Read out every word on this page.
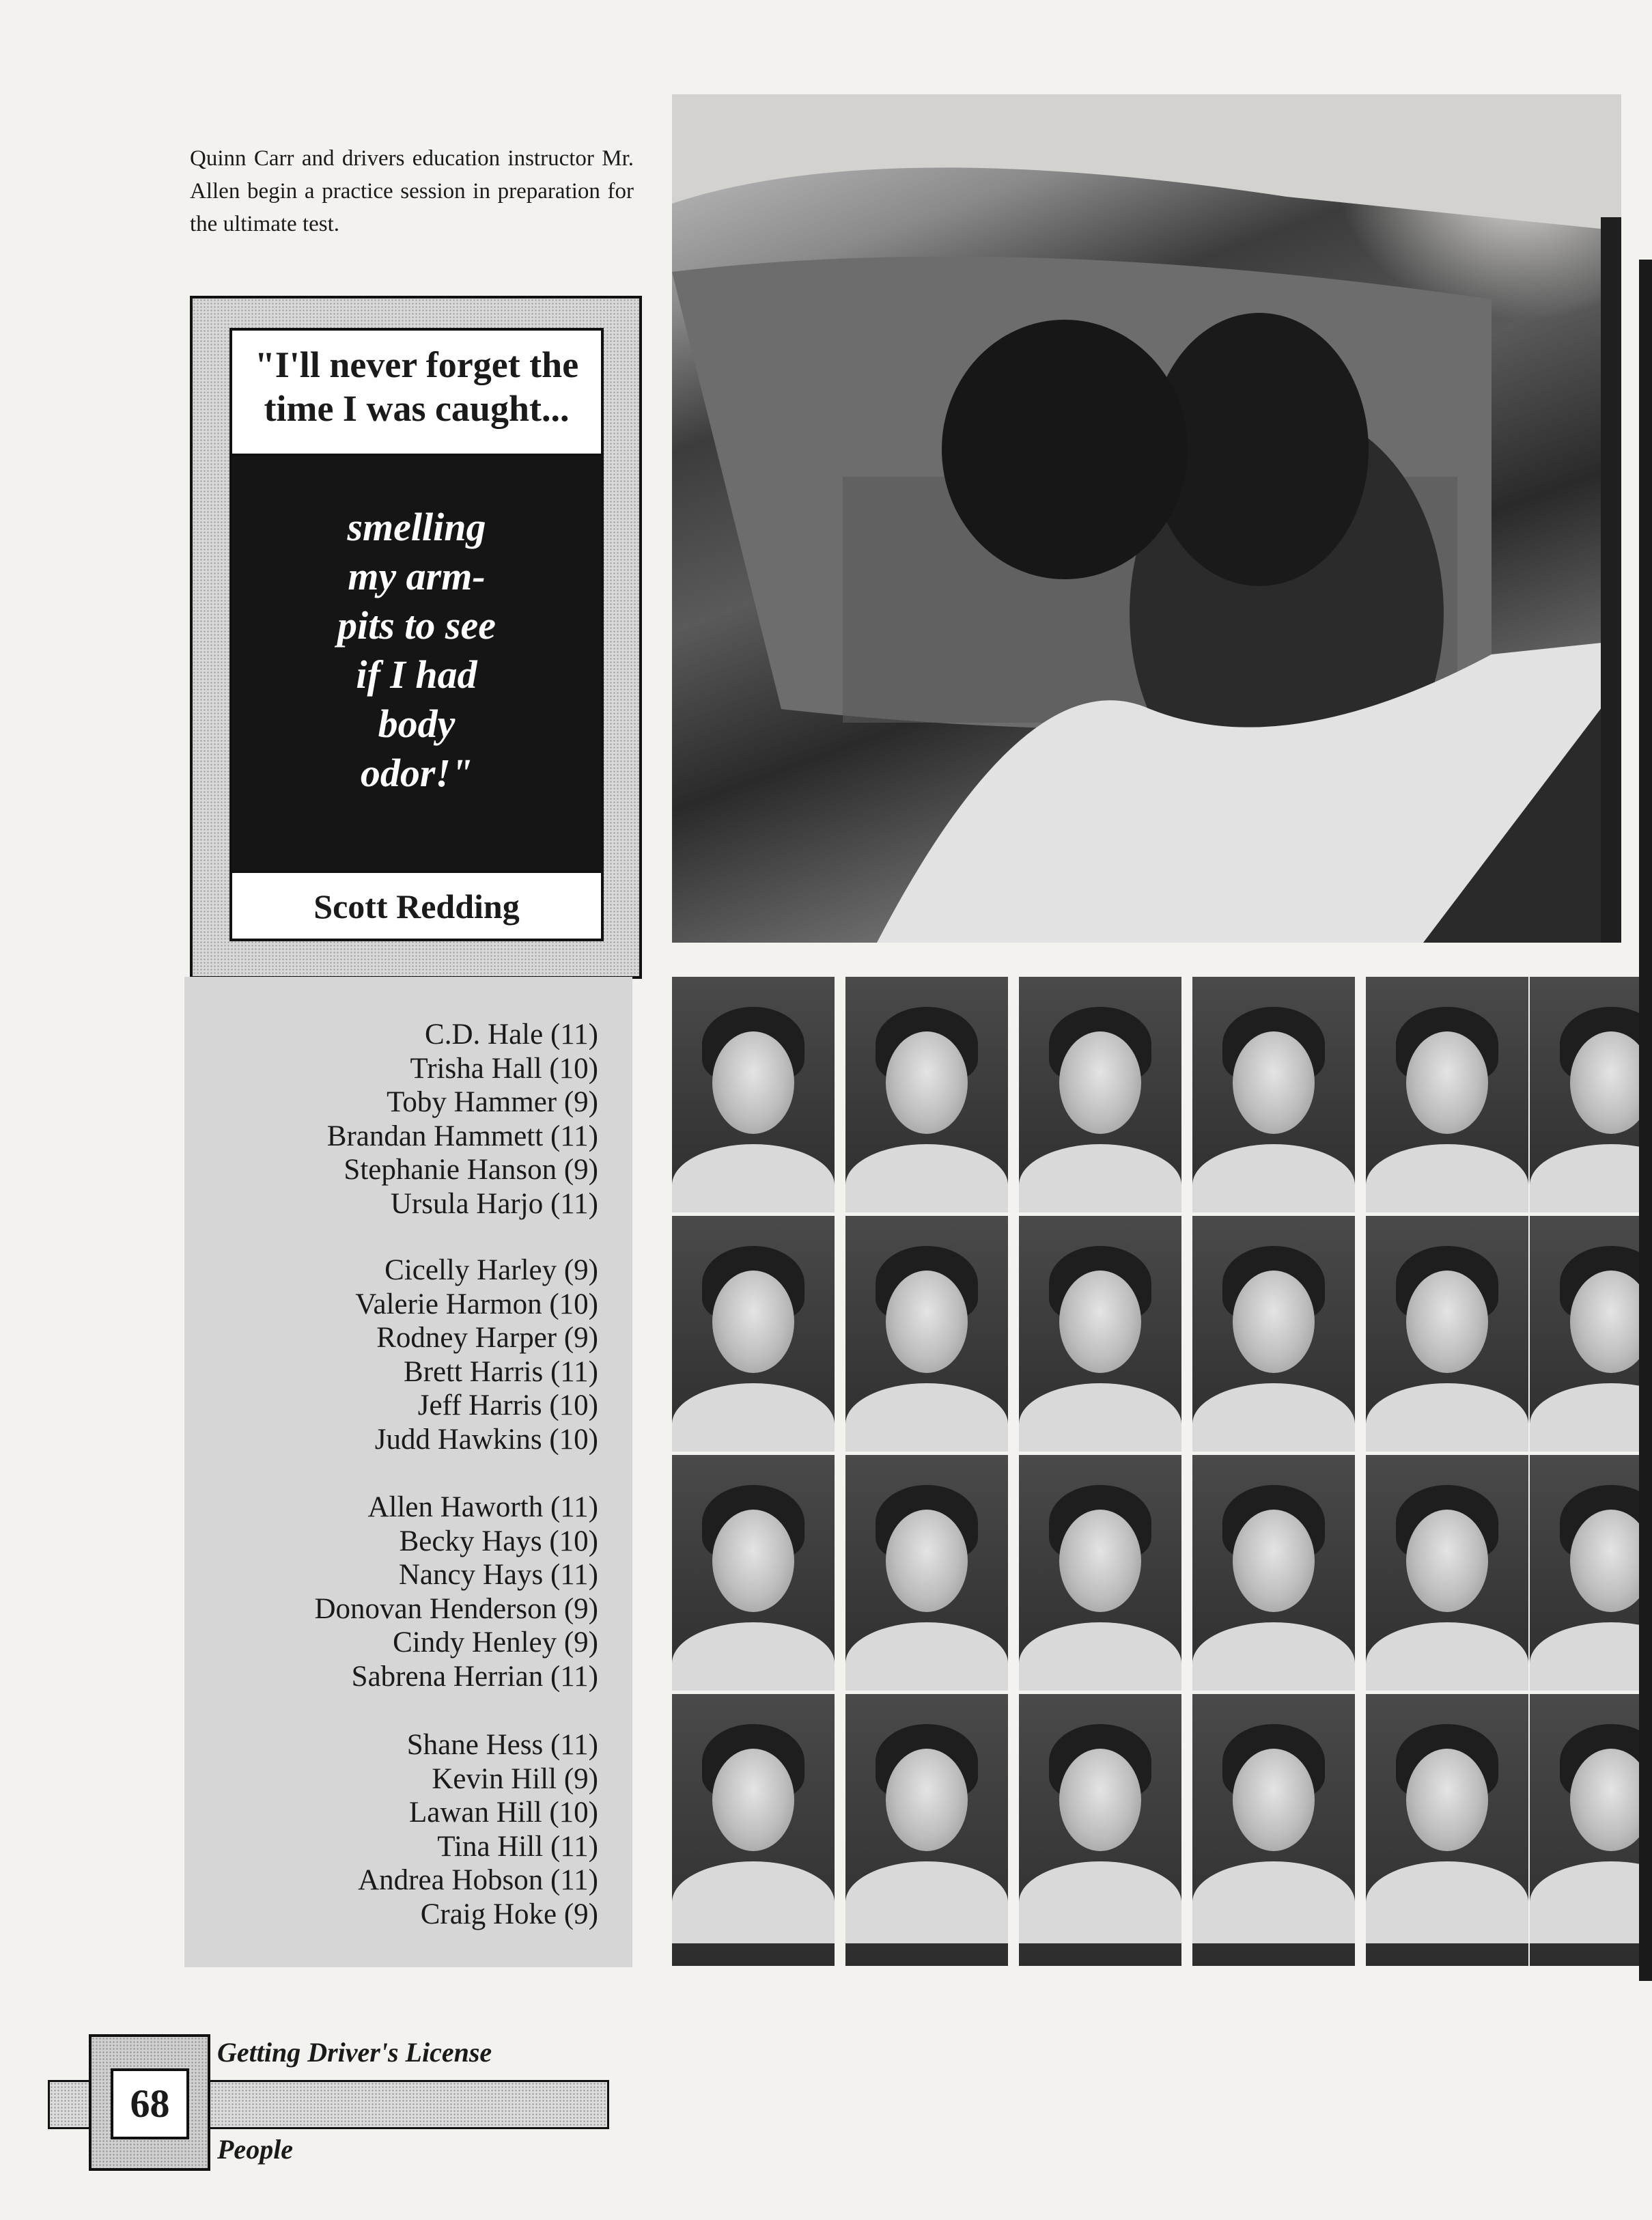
Quinn Carr and drivers education instructor Mr. Allen begin a practice session in preparation for the ultimate test.
"I'll never forget the time I was caught...
smelling
my arm-
pits to see
if I had
body
odor!"
Scott Redding
C.D. Hale (11)
Trisha Hall (10)
Toby Hammer (9)
Brandan Hammett (11)
Stephanie Hanson (9)
Ursula Harjo (11)
Cicelly Harley (9)
Valerie Harmon (10)
Rodney Harper (9)
Brett Harris (11)
Jeff Harris (10)
Judd Hawkins (10)
Allen Haworth (11)
Becky Hays (10)
Nancy Hays (11)
Donovan Henderson (9)
Cindy Henley (9)
Sabrena Herrian (11)
Shane Hess (11)
Kevin Hill (9)
Lawan Hill (10)
Tina Hill (11)
Andrea Hobson (11)
Craig Hoke (9)
68
Getting Driver's License
People
